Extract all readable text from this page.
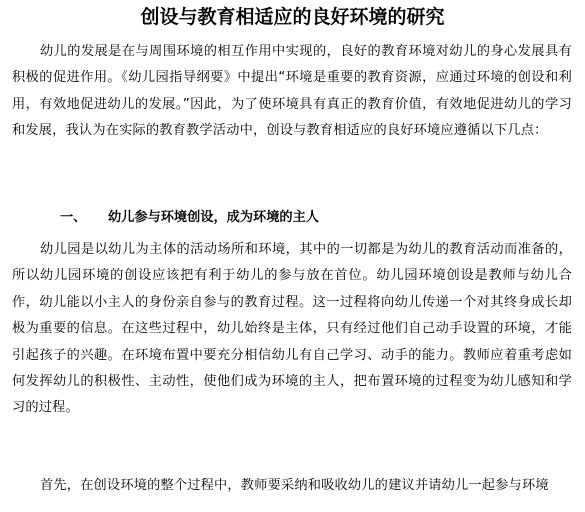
创设与教育相适应的良好环境的研究

幼儿的发展是在与周围环境的相互作用中实现的，良好的教育环境对幼儿的身心发展具有积极的促进作用。《幼儿园指导纲要》中提出“环境是重要的教育资源，应通过环境的创设和利用，有效地促进幼儿的发展。”因此，为了使环境具有真正的教育价值，有效地促进幼儿的学习和发展，我认为在实际的教育教学活动中，创设与教育相适应的良好环境应遵循以下几点：

一、 幼儿参与环境创设，成为环境的主人

幼儿园是以幼儿为主体的活动场所和环境，其中的一切都是为幼儿的教育活动而准备的，所以幼儿园环境的创设应该把有利于幼儿的参与放在首位。幼儿园环境创设是教师与幼儿合作，幼儿能以小主人的身份亲自参与的教育过程。这一过程将向幼儿传递一个对其终身成长却极为重要的信息。在这些过程中，幼儿始终是主体，只有经过他们自己动手设置的环境，才能引起孩子的兴趣。在环境布置中要充分相信幼儿有自己学习、动手的能力。教师应着重考虑如何发挥幼儿的积极性、主动性，使他们成为环境的主人，把布置环境的过程变为幼儿感知和学习的过程。

首先，在创设环境的整个过程中，教师要采纳和吸收幼儿的建议并请幼儿一起参与环境
